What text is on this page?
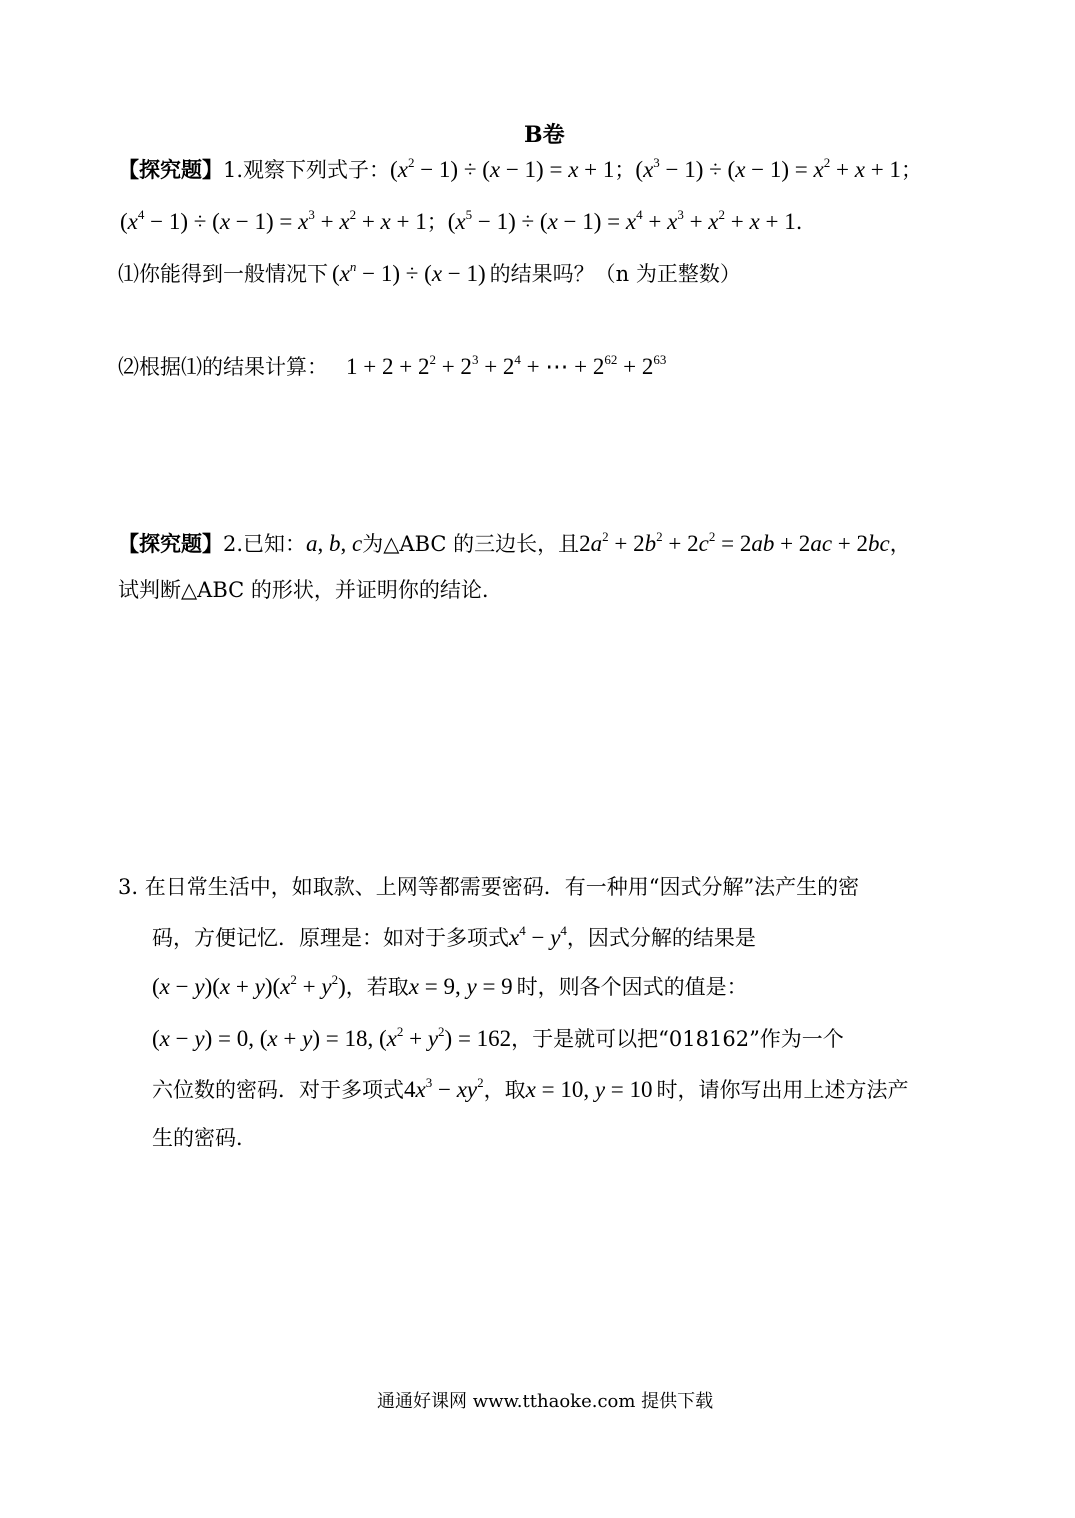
B卷
【探究题】1.观察下列式子：$(x^2 - 1) \div (x - 1) = x + 1$；$(x^3 - 1) \div (x - 1) = x^2 + x + 1$；
$(x^4 - 1) \div (x - 1) = x^3 + x^2 + x + 1$；$(x^5 - 1) \div (x - 1) = x^4 + x^3 + x^2 + x + 1$.
⑴你能得到一般情况下 $(x^n - 1) \div (x - 1)$ 的结果吗？（n 为正整数）
⑵根据⑴的结果计算： $1 + 2 + 2^2 + 2^3 + 2^4$ + ⋯ + $2^{62} + 2^{63}$
【探究题】2.已知：a, b, c为△ABC 的三边长，且$2a^2 + 2b^2 + 2c^2 = 2ab + 2ac + 2bc$，
试判断△ABC 的形状，并证明你的结论.
3. 在日常生活中，如取款、上网等都需要密码．有一种用“因式分解”法产生的密
码，方便记忆．原理是：如对于多项式$x^4 - y^4$，因式分解的结果是
$(x - y)(x + y)(x^2 + y^2)$，若取x = 9, y = 9 时，则各个因式的值是：
(x − y) = 0, (x + y) = 18, $(x^2 + y^2) = 162$，于是就可以把“018162”作为一个
六位数的密码．对于多项式$4x^3 - xy^2$，取x = 10, y = 10 时，请你写出用上述方法产
生的密码．
通通好课网 www.tthaoke.com 提供下载
